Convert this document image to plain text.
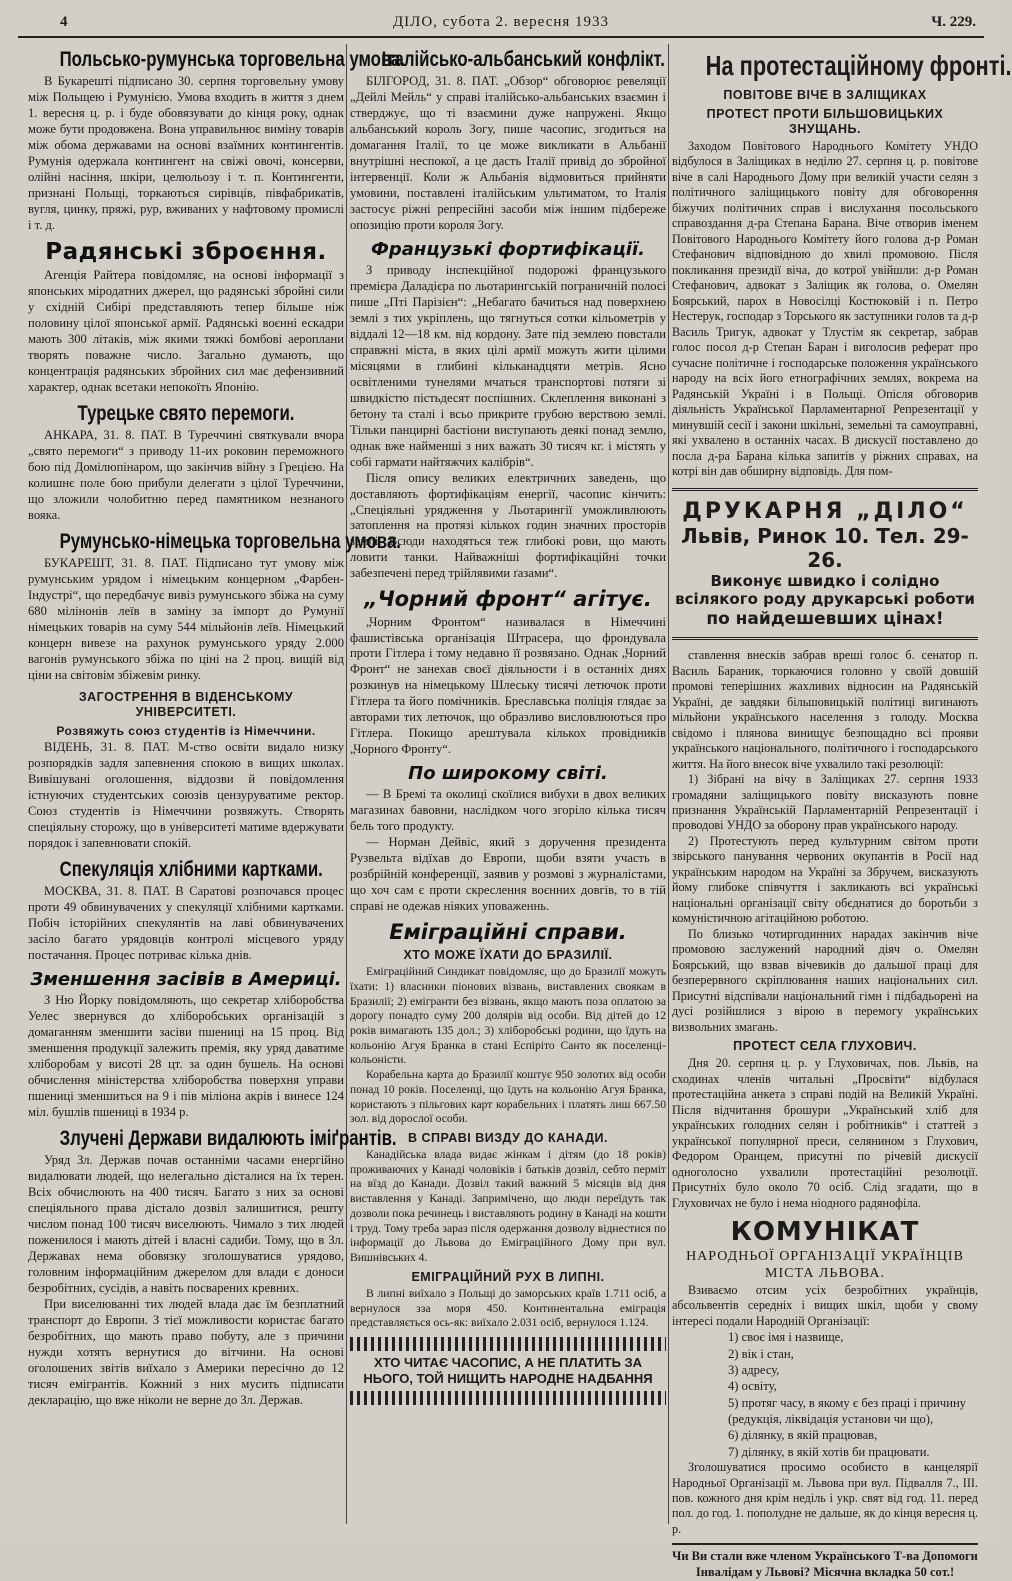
4	ДІЛО, субота 2. вересня 1933	Ч. 229.
Польсько-румунська торговельна умова.

В Букарешті підписано 30. серпня торговельну умову між Польщею і Румунією. Умова входить в життя з днем 1. вересня ц. р. і буде обовязувати до кінця року, однак може бути продовжена. Вона управильнює виміну товарів між обома державами на основі взаїмних контингентів. Румунія одержала контингент на свіжі овочі, консерви, олійні насіння, шкіри, целюльозу і т. п. Контингенти, признані Польщі, торкаються сирівців, півфабрикатів, вугля, цинку, пряжі, рур, вживаних у нафтовому промислі і т. д.

Радянські зброєння.

Агенція Райтера повідомляє, на основі інформації з японських міродатних джерел, що радянські збройні сили у східній Сибірі представляють тепер більше ніж половину цілої японської армії. Радянські воєнні ескадри мають 300 літаків, між якими тяжкі бомбові аероплани творять поважне число. Загально думають, що концентрація радянських збройних сил має дефензивний характер, однак всетаки непокоїть Японію.

Турецьке свято перемоги.

АНКАРА, 31. 8. ПАТ. В Туреччині святкували вчора „свято перемоги“ з приводу 11-их роковин переможного бою під Домілюпінаром, що закінчив війну з Грецією. На колишнє поле бою прибули делегати з цілої Туреччини, що зложили чолобитню перед памятником незнаного вояка.

Румунсько-німецька торговельна умова.

БУКАРЕШТ, 31. 8. ПАТ. Підписано тут умову між румунським урядом і німецьким концерном „Фарбен-Індустрі“, що передбачує вивіз румунського збіжа на суму 680 мілінонів леїв в заміну за імпорт до Румунії німецьких товарів на суму 544 мільйонів леїв. Німецький концерн вивезе на рахунок румунського уряду 2.000 вагонів румунського збіжа по ціні на 2 проц. вищій від ціни на світовім збіжевім ринку.

ЗАГОСТРЕННЯ В ВІДЕНСЬКОМУ УНІВЕРСИТЕТІ.
Розвяжуть союз студентів із Німеччини.

ВІДЕНЬ, 31. 8. ПАТ. М-ство освіти видало низку розпорядків задля запевнення спокою в вищих школах. Вивішувані оголошення, віддозви й повідомлення істнуючих студентських союзів цензуруватиме ректор. Союз студентів із Німеччини розвяжуть. Створять спеціяльну сторожу, що в університеті матиме вдержувати порядок і запевнювати спокій.

Спекуляція хлібними картками.

МОСКВА, 31. 8. ПАТ. В Саратові розпочався процес проти 49 обвинувачених у спекуляції хлібними картками. Побіч історійних спекулянтів на лаві обвинувачених засіло багато урядовців контролі місцевого уряду постачання. Процес потриває кілька днів.

Зменшення засівів в Америці.

З Ню Йорку повідомляють, що секретар хліборобства Уелес звернувся до хліборобських організацій з домаганням зменшити засіви пшениці на 15 проц. Від зменшення продукції залежить премія, яку уряд даватиме хліборобам у висоті 28 цт. за один бушель. На основі обчислення міністерства хліборобства поверхня управи пшениці зменшиться на 9 і пів міліона акрів і винесе 124 міл. бушлів пшениці в 1934 р.

Злучені Держави видалюють іміґрантів.

Уряд Зл. Держав почав останніми часами енергійно видалювати людей, що нелегально дісталися на їх терен. Всіх обчислюють на 400 тисяч. Багато з них за основі спеціяльного права дістало дозвіл залишитися, решту числом понад 100 тисяч виселюють. Чимало з тих людей поженилося і мають дітей і власні садиби. Тому, що в Зл. Державах нема обовязку зголошуватися урядово, головним інформаційним джерелом для влади є доноси безробітних, сусідів, а навіть посварених кревних.

При виселюванні тих людей влада дає їм безплатний транспорт до Европи. З тієї можливости користає багато безробітних, що мають право побуту, але з причини нужди хотять вернутися до вітчини. На основі оголошених звітів виїхало з Америки пересічно до 12 тисяч емігрантів. Кожний з них мусить підписати декларацію, що вже ніколи не верне до Зл. Держав.

Італійсько-альбанський конфлікт.

БІЛГОРОД, 31. 8. ПАТ. „Обзор“ обговорює ревеляції „Дейлі Мейль“ у справі італійсько-альбанських взаємин і стверджує, що ті взаємини дуже напружені. Якщо альбанський король Зогу, пише часопис, згодиться на домагання Італії, то це може викликати в Альбанії внутрішні неспокої, а це дасть Італії привід до збройної інтервенції. Коли ж Альбанія відмовиться прийняти умовини, поставлені італійським ультиматом, то Італія застосує ріжні репресійні засоби між іншим підбереже опозицію проти короля Зогу.

Французькі фортифікації.

З приводу інспекційної подорожі французького премієра Даладієра по льотарингській пограничній полосі пише „Пті Парізієн“: „Небагато бачиться над поверхнею землі з тих укріплень, що тягнуться сотки кільометрів у віддалі 12—18 км. від кордону. Зате під землею повстали справжні міста, в яких цілі армії можуть жити цілими місяцями в глибині кільканадцяти метрів. Ясно освітленими тунелями мчаться транспортові потяги зі швидкістю пістьдесят поспішних. Склеплення виконані з бетону та сталі і всьо прикрите грубою верствою землі. Тільки панцирні бастіони виступають деякі понад землю, однак вже найменші з них важать 30 тисяч кг. і містять у собі гармати найтяжчих калібрів“.

Після опису великих електричних заведень, що доставляють фортифікаціям енергії, часопис кінчить: „Спеціяльні урядження у Льотарингії уможливлюють затоплення на протязі кількох годин значних просторів землі. Всюди находяться теж глибокі рови, що мають ловити танки. Найважніші фортифікаційні точки забезпечені перед трійлявими ґазами“.

„Чорний фронт“ агітує.

„Чорним Фронтом“ називалася в Німеччині фашистівська організація Штрасера, що фрондувала проти Гітлера і тому недавно її розвязано. Однак „Чорний Фронт“ не занехав своєї діяльности і в останніх днях розкинув на німецькому Шлеську тисячі летючок проти Гітлера та його помічників. Бреславська поліція глядає за авторами тих летючок, що образливо висловлюються про Гітлера. Покищо арештувала кількох провідників „Чорного Фронту“.

По широкому світі.

— В Бремі та околиці скоїлися вибухи в двох великих магазинах бавовни, наслідком чого згоріло кілька тисяч бель того продукту.

— Норман Дейвіс, який з доручення президента Рузвельта відїхав до Европи, щоби взяти участь в розбрійній конференції, заявив у розмові з журналістами, що хоч сам є проти скреслення воєнних довгів, то в тій справі не одежав ніяких уповаженнь.

Еміграційні справи.
ХТО МОЖЕ ЇХАТИ ДО БРАЗИЛІЇ.

Еміграційний Синдикат повідомляє, що до Бразилії можуть їхати: 1) власники піонових візвань, виставлених своякам в Бразилії; 2) емігранти без візвань, якщо мають поза оплатою за дорогу понадто суму 200 долярів від особи. Від дітей до 12 років вимагають 135 дол.; 3) хліборобські родини, що їдуть на кольонію Агуя Бранка в стані Еспіріто Санто як поселенці-кольоністи.

Корабельна карта до Бразилії коштує 950 золотих від особи понад 10 років. Поселенці, що їдуть на кольонію Агуя Бранка, користають з пільгових карт корабельних і платять лиш 667.50 зол. від дорослої особи.

В СПРАВІ ВИЗДУ ДО КАНАДИ.

Канадійська влада видає жінкам і дітям (до 18 років) проживаючих у Канаді чоловіків і батьків дозвіл, себто перміт на вїзд до Канади. Дозвіл такий важний 5 місяців від дня виставлення у Канаді. Запримічено, що люди переїдуть так дозволи пока речинець і виставляють родину в Канаді на кошти і труд. Тому треба зараз після одержання дозволу віднестися по інформації до Львова до Еміграційного Дому при вул. Вишнівських 4.

ЕМІГРАЦІЙНИЙ РУХ В ЛИПНІ.

В липні виїхало з Польщі до заморських країв 1.711 осіб, а вернулося зза моря 450. Континентальна еміграція представляється ось-як: виїхало 2.031 осіб, вернулося 1.124.

ХТО ЧИТАЄ ЧАСОПИС, А НЕ ПЛАТИТЬ ЗА НЬОГО, ТОЙ НИЩИТЬ НАРОДНЕ НАДБАННЯ
На протестаційному фронті.
ПОВІТОВЕ ВІЧЕ В ЗАЛІЩИКАХ
ПРОТЕСТ ПРОТИ БІЛЬШОВИЦЬКИХ ЗНУЩАНЬ.

Заходом Повітового Народнього Комітету УНДО відбулося в Заліщиках в неділю 27. серпня ц. р. повітове віче в салі Народнього Дому при великій участи селян з політичного заліщицького повіту для обговорення біжучих політичних справ і вислухання посольського справоздання д-ра Степана Барана. Віче отворив іменем Повітового Народнього Комітету його голова д-р Роман Стефанович відповідною до хвилі промовою. Після покликання президії віча, до котрої увійшли: д-р Роман Стефанович, адвокат з Заліщик як голова, о. Омелян Боярський, парох в Новосілці Костюковій і п. Петро Нестерук, господар з Торського як заступники голов та д-р Василь Тригук, адвокат у Тлустім як секретар, забрав голос посол д-р Степан Баран і виголосив реферат про сучасне політичне і господарське положення українського народу на всіх його етнографічних землях, вокрема на Радянській Україні і в Польщі. Опісля обговорив діяльність Української Парламентарної Репрезентації у минувшій сесії і закони шкільні, земельні та самоуправні, які ухвалено в останніх часах. В дискусії поставлено до посла д-ра Барана кілька запитів у ріжних справах, на котрі він дав обширну відповідь. Для пом-

ДРУКАРНЯ „ДІЛО“
Львів, Ринок 10. Тел. 29-26.
Виконує швидко і солідно всілякого роду друкарські роботи
по найдешевших цінах!

ставлення внесків забрав вреші голос б. сенатор п. Василь Бараник, торкаючися головно у своїй довшій промові теперішних жахливих відносин на Радянській Україні, де завдяки більшовицькій політиці вигинають мільйони українського населення з голоду. Москва свідомо і плянова винищує безпощадно всі прояви українського національного, політичного і господарського життя. На його внесок віче ухвалило такі резолюції:

1) Зібрані на вічу в Заліщиках 27. серпня 1933 громадяни заліщицького повіту висказують повне признання Українській Парламентарній Репрезентації і проводові УНДО за оборону прав українського народу.

2) Протестують перед культурним світом проти звірського панування червоних окупантів в Росії над українським народом на Україні за Збручем, висказують йому глибоке співчуття і закликають всі українські національні організації світу обєднатися до боротьби з комуністичною агітаційною роботою.

По близько чотиргодинних нарадах закінчив віче промовою заслужений народний діяч о. Омелян Боярський, що взвав вічевиків до дальшої праці для безперервного скріплювання наших національних сил. Присутні відспівали національний гімн і підбадьорені на дусі розійшлися з вірою в перемогу українських визвольних змагань.

ПРОТЕСТ СЕЛА ГЛУХОВИЧ.

Дня 20. серпня ц. р. у Глуховичах, пов. Львів, на сходинах членів читальні „Просвіти“ відбулася протестаційна анкета з справі подій на Великій Україні. Після відчитання брошури „Український хліб для українських голодних селян і робітників“ і статтей з української популярної преси, селянином з Глухович, Федором Оранцем, присутні по річевій дискусії одноголосно ухвалили протестаційні резолюції. Присутніх було около 70 осіб. Слід згадати, що в Глуховичах не було і нема ніодного радянофіла.

КОМУНІКАТ
НАРОДНЬОЇ ОРГАНІЗАЦІЇ УКРАЇНЦІВ МІСТА ЛЬВОВА.

Взиваємо отсим усіх безробітних українців, абсольвентів середніх і вищих шкіл, щоби у свому інтересі подали Народній Організації:

1) своє імя і назвище,
2) вік і стан,
3) адресу,
4) освіту,
5) протяг часу, в якому є без праці і причину (редукція, ліквідація установи чи що),
6) ділянку, в якій працював,
7) ділянку, в якій хотів би працювати.

Зголошуватися просимо особисто в канцелярії Народньої Організації м. Львова при вул. Підвалля 7., III. пов. кожного дня крім неділь і укр. свят від год. 11. перед пол. до год. 1. пополудне не дальше, як до кінця вересня ц. р.

Чи Ви стали вже членом Українського Т-ва Допомоги Інвалідам у Львові? Місячна вкладка 50 сот.!
